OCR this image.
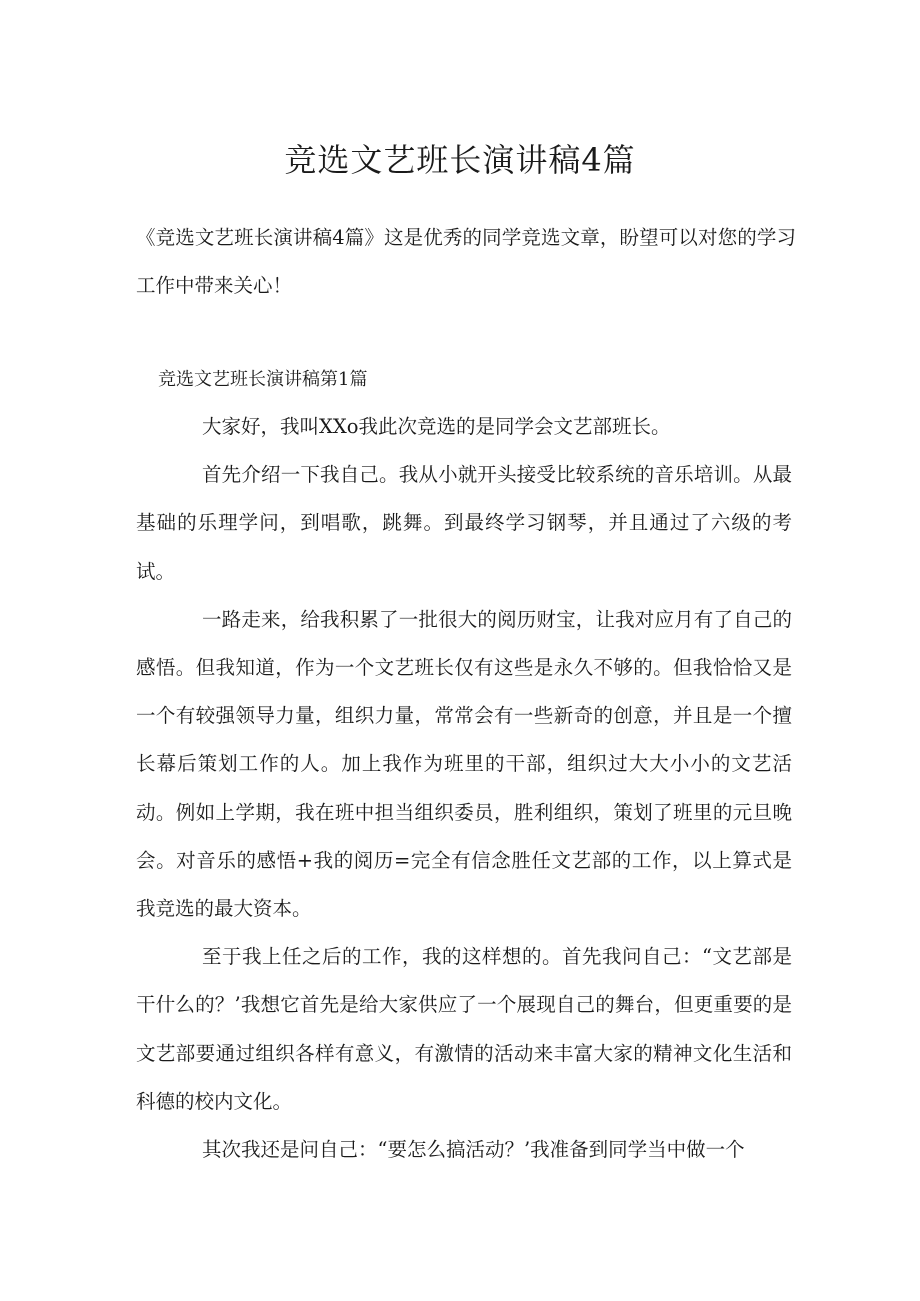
竞选文艺班长演讲稿4篇

《竞选文艺班长演讲稿4篇》这是优秀的同学竞选文章，盼望可以对您的学习工作中带来关心！

竞选文艺班长演讲稿第1篇

大家好，我叫XXo我此次竞选的是同学会文艺部班长。

首先介绍一下我自己。我从小就开头接受比较系统的音乐培训。从最基础的乐理学问，到唱歌，跳舞。到最终学习钢琴，并且通过了六级的考试。

一路走来，给我积累了一批很大的阅历财宝，让我对应月有了自己的感悟。但我知道，作为一个文艺班长仅有这些是永久不够的。但我恰恰又是一个有较强领导力量，组织力量，常常会有一些新奇的创意，并且是一个擅长幕后策划工作的人。加上我作为班里的干部，组织过大大小小的文艺活动。例如上学期，我在班中担当组织委员，胜利组织，策划了班里的元旦晚会。对音乐的感悟+我的阅历=完全有信念胜任文艺部的工作，以上算式是我竞选的最大资本。

至于我上任之后的工作，我的这样想的。首先我问自己：“文艺部是干什么的？’我想它首先是给大家供应了一个展现自己的舞台，但更重要的是文艺部要通过组织各样有意义，有激情的活动来丰富大家的精神文化生活和科德的校内文化。

其次我还是问自己：“要怎么搞活动？’我准备到同学当中做一个
